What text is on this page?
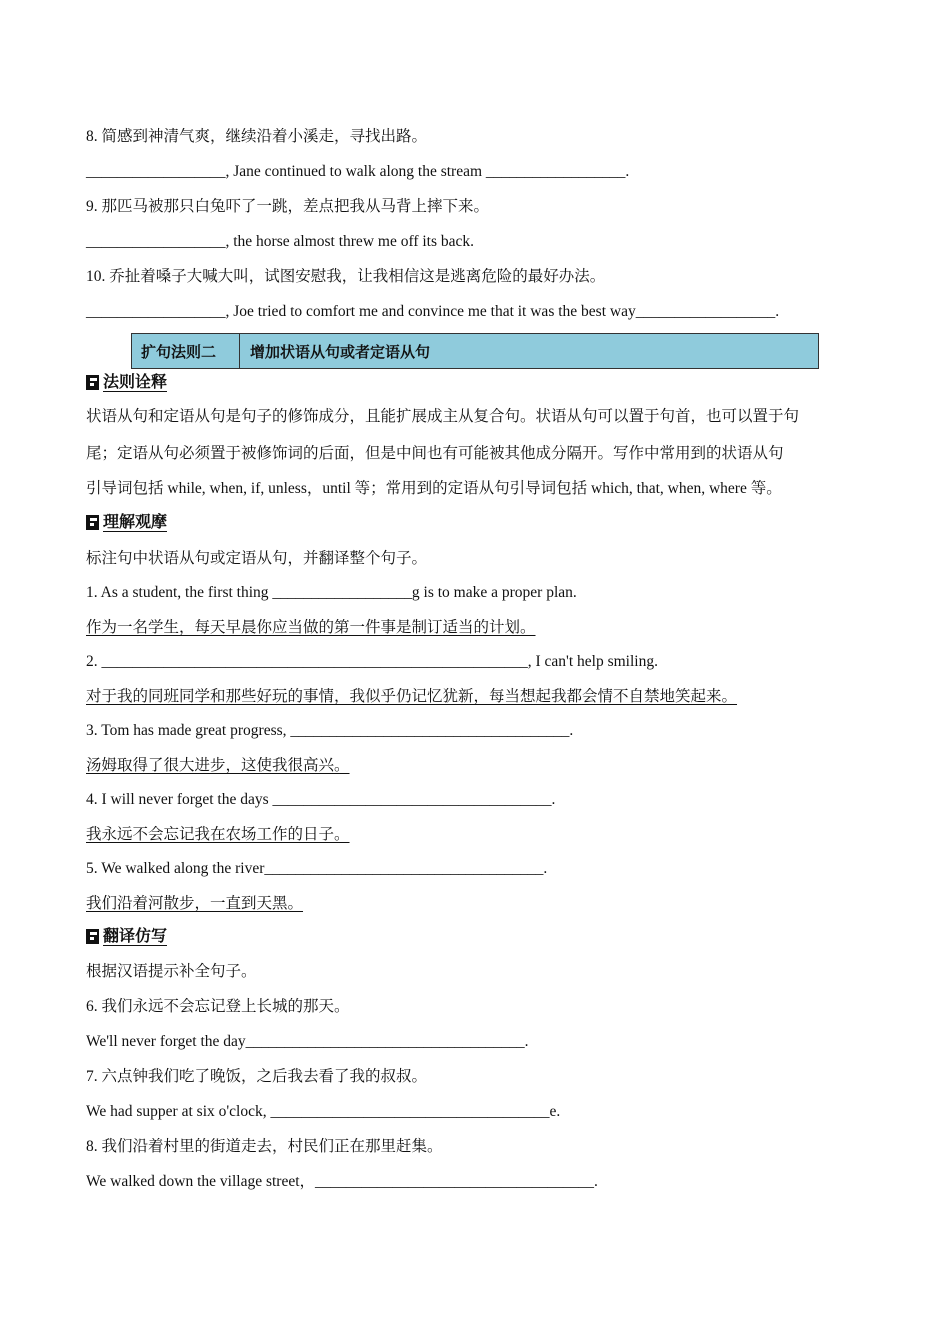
8. 简感到神清气爽，继续沿着小溪走，寻找出路。
__________________, Jane continued to walk along the stream __________________.
9. 那匹马被那只白兔吓了一跳，差点把我从马背上摔下来。
__________________, the horse almost threw me off its back.
10. 乔扯着嗓子大喊大叫，试图安慰我，让我相信这是逃离危险的最好办法。
__________________, Joe tried to comfort me and convince me that it was the best way__________________.
扩句法则二	增加状语从句或者定语从句
法则诠释
状语从句和定语从句是句子的修饰成分，且能扩展成主从复合句。状语从句可以置于句首，也可以置于句
尾；定语从句必须置于被修饰词的后面，但是中间也有可能被其他成分隔开。写作中常用到的状语从句
引导词包括 while, when, if, unless，until 等；常用到的定语从句引导词包括 which, that, when, where 等。
理解观摩
标注句中状语从句或定语从句，并翻译整个句子。
1. As a student, the first thing __________________g is to make a proper plan.
作为一名学生，每天早晨你应当做的第一件事是制订适当的计划。
2. _______________________________________________________, I can't help smiling.
对于我的同班同学和那些好玩的事情，我似乎仍记忆犹新，每当想起我都会情不自禁地笑起来。
3. Tom has made great progress, ____________________________________.
汤姆取得了很大进步，这使我很高兴。
4. I will never forget the days ____________________________________.
我永远不会忘记我在农场工作的日子。
5. We walked along the river____________________________________.
我们沿着河散步，一直到天黑。
翻译仿写
根据汉语提示补全句子。
6. 我们永远不会忘记登上长城的那天。
We'll never forget the day____________________________________.
7. 六点钟我们吃了晚饭，之后我去看了我的叔叔。
We had supper at six o'clock, ____________________________________e.
8. 我们沿着村里的街道走去，村民们正在那里赶集。
We walked down the village street，____________________________________.
